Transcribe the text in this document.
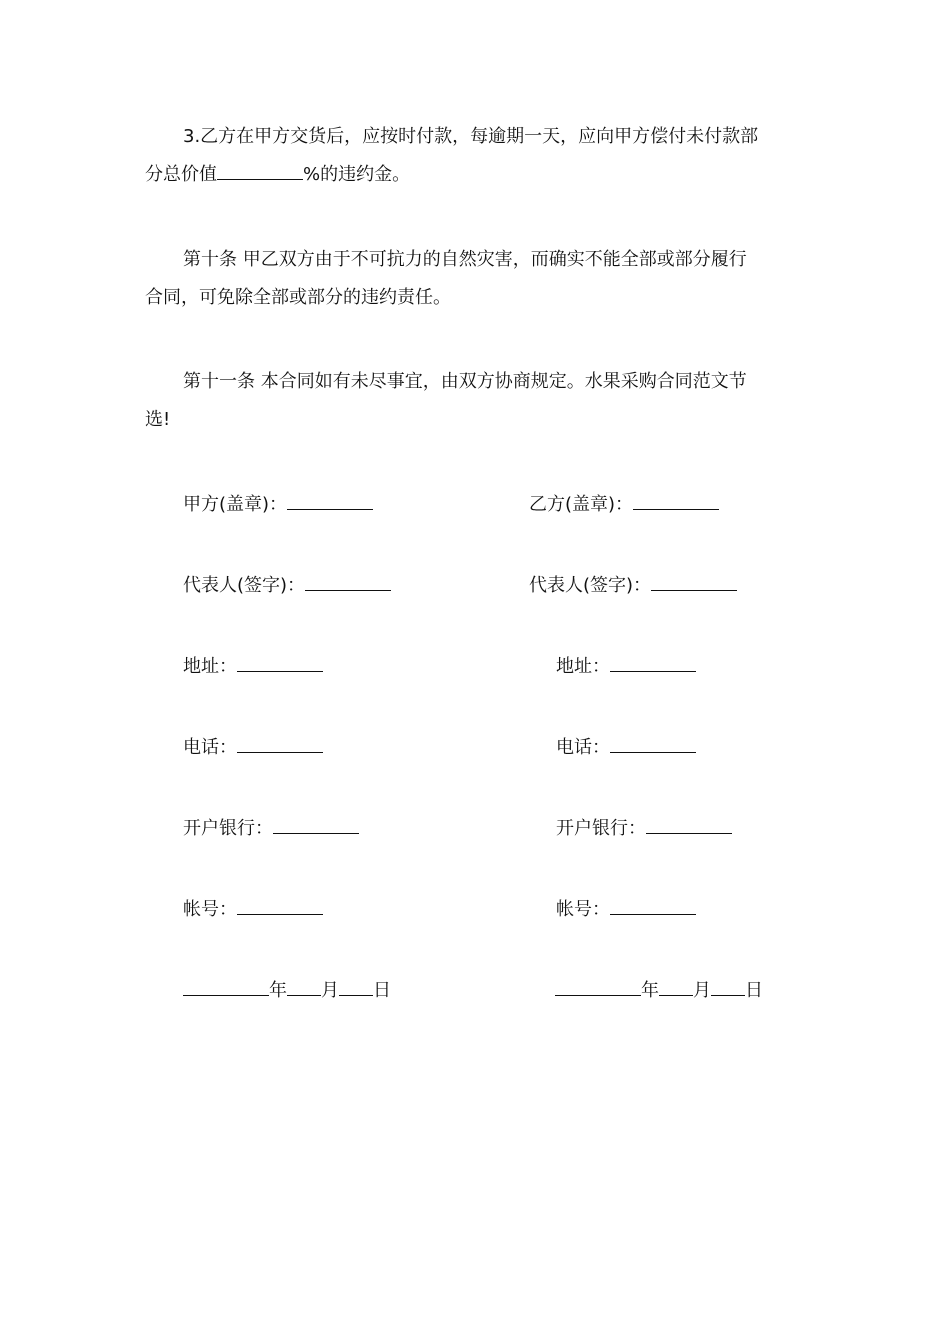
3.乙方在甲方交货后，应按时付款，每逾期一天，应向甲方偿付未付款部
分总价值	%的违约金。
第十条 甲乙双方由于不可抗力的自然灾害，而确实不能全部或部分履行
合同，可免除全部或部分的违约责任。
第十一条 本合同如有未尽事宜，由双方协商规定。水果采购合同范文节
选!
甲方(盖章)：
代表人(签字)：
地址：
电话：
开户银行：
帐号：
年 月 日
乙方(盖章)：
代表人(签字)：
地址：
电话：
开户银行：
帐号：
年 月 日
